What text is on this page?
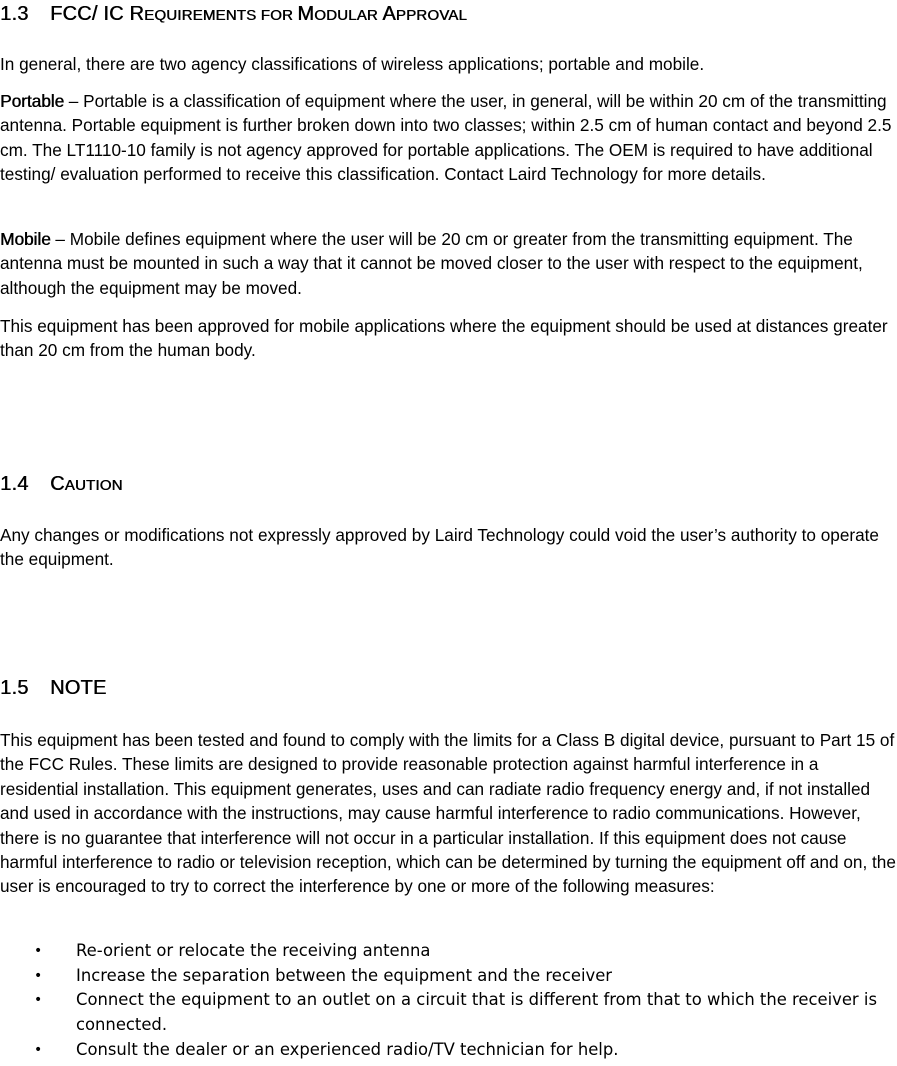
1.3 FCC/ IC REQUIREMENTS FOR MODULAR APPROVAL

In general, there are two agency classifications of wireless applications; portable and mobile.

Portable – Portable is a classification of equipment where the user, in general, will be within 20 cm of the transmitting antenna. Portable equipment is further broken down into two classes; within 2.5 cm of human contact and beyond 2.5 cm. The LT1110-10 family is not agency approved for portable applications. The OEM is required to have additional testing/ evaluation performed to receive this classification. Contact Laird Technology for more details.

Mobile – Mobile defines equipment where the user will be 20 cm or greater from the transmitting equipment. The antenna must be mounted in such a way that it cannot be moved closer to the user with respect to the equipment, although the equipment may be moved.

This equipment has been approved for mobile applications where the equipment should be used at distances greater than 20 cm from the human body.

1.4 CAUTION

Any changes or modifications not expressly approved by Laird Technology could void the user’s authority to operate the equipment.

1.5 NOTE

This equipment has been tested and found to comply with the limits for a Class B digital device, pursuant to Part 15 of the FCC Rules. These limits are designed to provide reasonable protection against harmful interference in a residential installation. This equipment generates, uses and can radiate radio frequency energy and, if not installed and used in accordance with the instructions, may cause harmful interference to radio communications. However, there is no guarantee that interference will not occur in a particular installation. If this equipment does not cause harmful interference to radio or television reception, which can be determined by turning the equipment off and on, the user is encouraged to try to correct the interference by one or more of the following measures:

• Re-orient or relocate the receiving antenna
• Increase the separation between the equipment and the receiver
• Connect the equipment to an outlet on a circuit that is different from that to which the receiver is connected.
• Consult the dealer or an experienced radio/TV technician for help.
